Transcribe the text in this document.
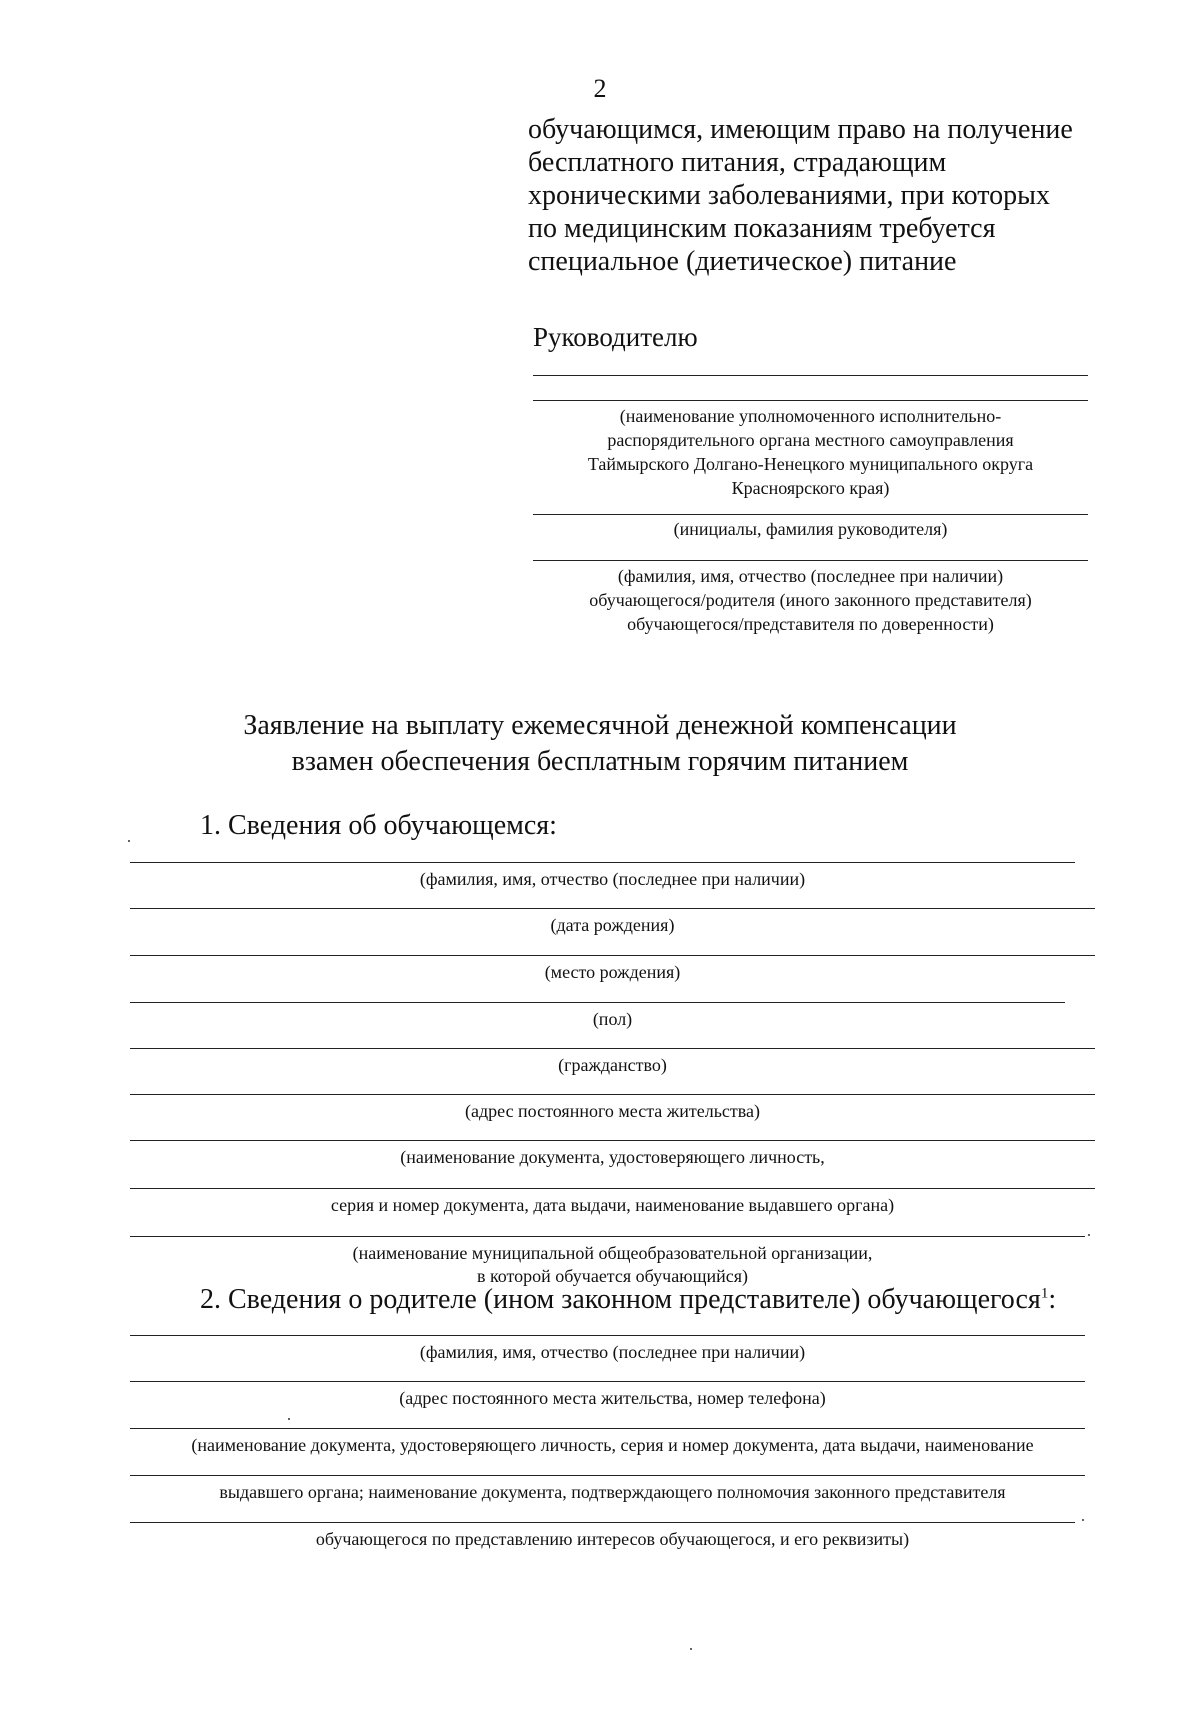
2
обучающимся, имеющим право на получение
бесплатного питания, страдающим
хроническими заболеваниями, при которых
по медицинским показаниям требуется
специальное (диетическое) питание
Руководителю
(наименование уполномоченного исполнительно-
распорядительного органа местного самоуправления
Таймырского Долгано-Ненецкого муниципального округа
Красноярского края)
(инициалы, фамилия руководителя)
(фамилия, имя, отчество (последнее при наличии)
обучающегося/родителя (иного законного представителя)
обучающегося/представителя по доверенности)
Заявление на выплату ежемесячной денежной компенсации
взамен обеспечения бесплатным горячим питанием
1. Сведения об обучающемся:
(фамилия, имя, отчество (последнее при наличии)
(дата рождения)
(место рождения)
(пол)
(гражданство)
(адрес постоянного места жительства)
(наименование документа, удостоверяющего личность,
серия и номер документа, дата выдачи, наименование выдавшего органа)
(наименование муниципальной общеобразовательной организации,
в которой обучается обучающийся)
2. Сведения о родителе (ином законном представителе) обучающегося$^1$:
(фамилия, имя, отчество (последнее при наличии)
(адрес постоянного места жительства, номер телефона)
(наименование документа, удостоверяющего личность, серия и номер документа, дата выдачи, наименование
выдавшего органа; наименование документа, подтверждающего полномочия законного представителя
обучающегося по представлению интересов обучающегося, и его реквизиты)
